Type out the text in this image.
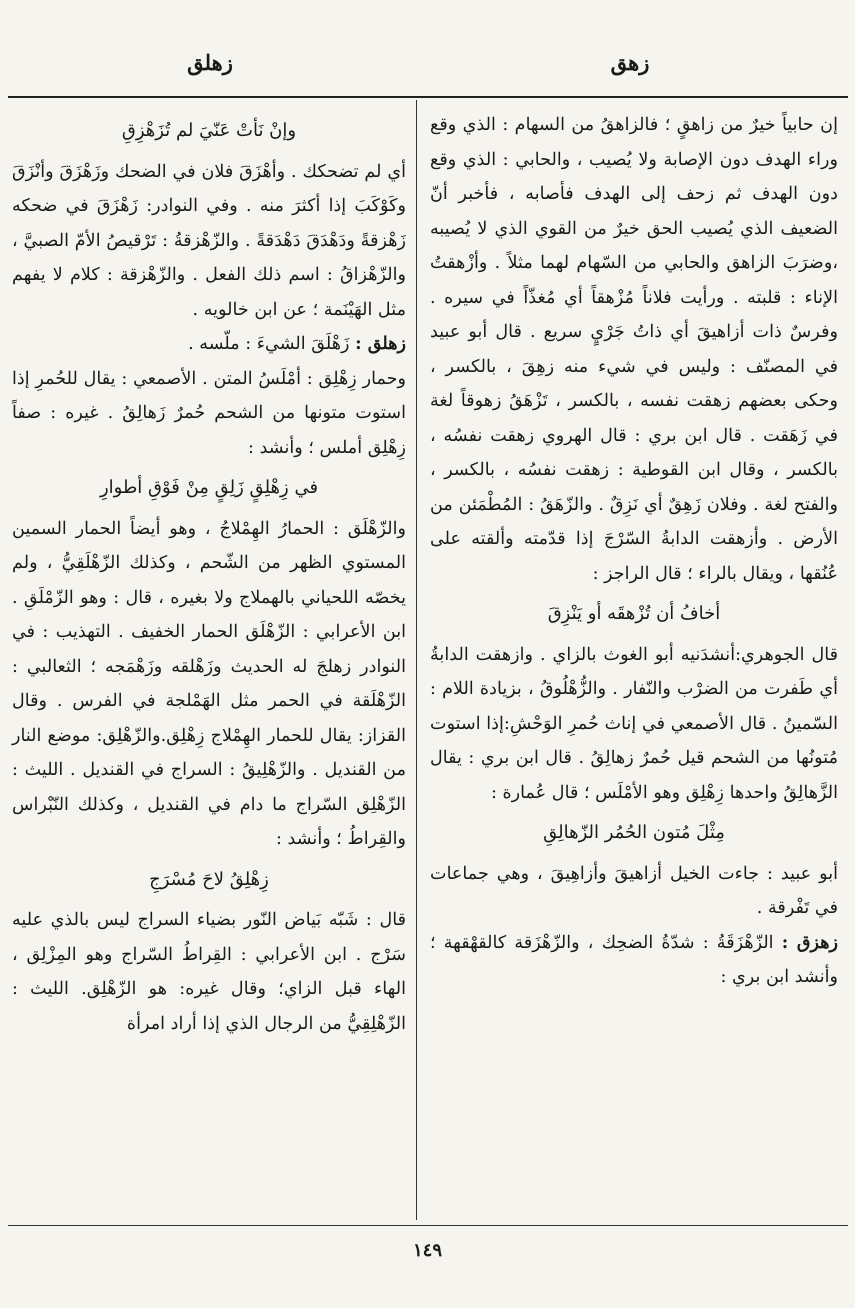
زهق
زهلق

إن حابياً خيرٌ من زاهقٍ ؛ فالزاهقُ من السهام : الذي وقع وراء الهدف دون الإصابة ولا يُصيب ، والحابي : الذي وقع دون الهدف ثم زحف إلى الهدف فأصابه ، فأخبر أنّ الضعيف الذي يُصيب الحق خيرٌ من القوي الذي لا يُصيبه ،وضرَبَ الزاهق والحابي من السّهام لهما مثلاً . وأزْهقتُ الإناء : قلبته . ورأيت فلاناً مُزْهقاً أي مُغذّاً في سيره . وفرسٌ ذات أزاهيقَ أي ذاتُ جَرْيٍ سريع . قال أبو عبيد في المصنّف : وليس في شيء منه زهِقَ ، بالكسر ، وحكى بعضهم زهقت نفسه ، بالكسر ، تَزْهَقُ زهوقاً لغة في زَهَقت . قال ابن بري : قال الهروي زهقت نفسُه ، بالكسر ، وقال ابن القوطية : زهقت نفسُه ، بالكسر ، والفتح لغة . وفلان زَهِقٌ أي نَزِقٌ . والزّهَقُ : المُطْمَئن من الأرض . وأزهقت الدابةُ السّرْجَ إذا قدّمته وألقته على عُنُقها ، ويقال بالراء ؛ قال الراجز :

أخافُ أن تُزْهقَه أو يَنْزِقَ

قال الجوهري:أنشدَنيه أبو الغوث بالزاي . وازهقت الدابةُ أي طَفرت من الضرْب والنّفار . والزُّهْلُوقُ ، بزيادة اللام : السّمينُ . قال الأصمعي في إناث حُمرِ الوَحْشِ:إذا استوت مُتونُها من الشحم قيل حُمرٌ زهالِقُ . قال ابن بري : يقال الزَّهالِقُ واحدها زِهْلِق وهو الأمْلَس ؛ قال عُمارة :

مِثْلَ مُتون الحُمُر الزّهالِقِ

أبو عبيد : جاءت الخيل أزاهيقَ وأزاهِيقَ ، وهي جماعات في تَفْرقة .

زهزق : الزّهْزَقَةُ : شدّةُ الضحِك ، والزّهْزَقة كالقهْقهة ؛ وأنشد ابن بري :

وإنْ نَأتْ عَنّيَ لم تُزَهْزِقِ

أي لم تضحكك . وأهْزَقَ فلان في الضحك وزَهْزَقَ وأنْزَقَ وكَوْكَبَ إذا أكثرَ منه . وفي النوادر: زَهْزَقَ في ضحكه زَهْزقةً ودَهْدَقَ دَهْدَقةً . والزّهْزقةُ : تَرْقيصُ الأمّ الصبيَّ ، والزّهْزاقُ : اسم ذلك الفعل . والزّهْزقة : كلام لا يفهم مثل الهَيْنَمة ؛ عن ابن خالويه .

زهلق : زَهْلَقَ الشيءَ : ملّسه .

وحمار زِهْلِق : أمْلَسُ المتن . الأصمعي : يقال للحُمرِ إذا استوت متونها من الشحم حُمرٌ زَهالِقُ . غيره : صفاً زِهْلِق أملس ؛ وأنشد :

في زِهْلِقٍ زَلِقٍ مِنْ فَوْقِ أطوارِ

والزّهْلَق : الحمارُ الهِمْلاجُ ، وهو أيضاً الحمار السمين المستوي الظهر من الشّحم ، وكذلك الزّهْلَقِيُّ ، ولم يخصّه اللحياني بالهملاج ولا بغيره ، قال : وهو الزّمْلَقِ . ابن الأعرابي : الزّهْلَق الحمار الخفيف . التهذيب : في النوادر زهلجَ له الحديث وزَهْلقه وزَهْمَجه ؛ الثعالبي : الزّهْلَقة في الحمر مثل الهَمْلجة في الفرس . وقال القزاز: يقال للحمار الهِمْلاج زِهْلِق.والزّهْلِق: موضع النار من القنديل . والزّهْلِيقُ : السراج في القنديل . الليث : الزّهْلِق السّراج ما دام في القنديل ، وكذلك النّبْراس والقِراطُ ؛ وأنشد :

زِهْلِقُ لاحَ مُسْرَجِ

قال : شَبّه بَياض النّور بضياء السراج ليس بالذي عليه سَرْج . ابن الأعرابي : القِراطُ السّراج وهو المِزْلِق ، الهاء قبل الزاي؛ وقال غيره: هو الزّهْلِق. الليث : الزّهْلِقِيُّ من الرجال الذي إذا أراد امرأة

١٤٩
